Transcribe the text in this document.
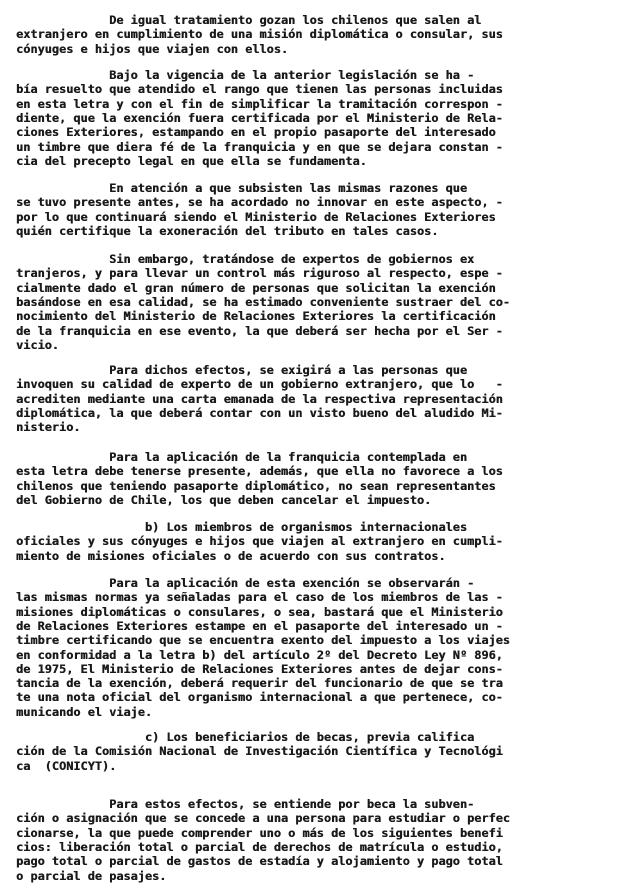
De igual tratamiento gozan los chilenos que salen al

extranjero en cumplimiento de una misión diplomática o consular, sus

cónyuges e hijos que viajen con ellos.

Bajo la vigencia de la anterior legislación se ha -

bía resuelto que atendido el rango que tienen las personas incluidas

en esta letra y con el fin de simplificar la tramitación correspon -

diente, que la exención fuera certificada por el Ministerio de Rela-

ciones Exteriores, estampando en el propio pasaporte del interesado

un timbre que diera fé de la franquicia y en que se dejara constan -

cia del precepto legal en que ella se fundamenta.

En atención a que subsisten las mismas razones que

se tuvo presente antes, se ha acordado no innovar en este aspecto, -

por lo que continuará siendo el Ministerio de Relaciones Exteriores

quién certifique la exoneración del tributo en tales casos.

Sin embargo, tratándose de expertos de gobiernos ex

tranjeros, y para llevar un control más riguroso al respecto, espe -

cialmente dado el gran número de personas que solicitan la exención

basándose en esa calidad, se ha estimado conveniente sustraer del co-

nocimiento del Ministerio de Relaciones Exteriores la certificación

de la franquicia en ese evento, la que deberá ser hecha por el Ser -

vicio.

Para dichos efectos, se exigirá a las personas que

invoquen su calidad de experto de un gobierno extranjero, que lo   -

acrediten mediante una carta emanada de la respectiva representación

diplomática, la que deberá contar con un visto bueno del aludido Mi-

nisterio.

Para la aplicación de la franquicia contemplada en

esta letra debe tenerse presente, además, que ella no favorece a los

chilenos que teniendo pasaporte diplomático, no sean representantes

del Gobierno de Chile, los que deben cancelar el impuesto.

b) Los miembros de organismos internacionales

oficiales y sus cónyuges e hijos que viajen al extranjero en cumpli-

miento de misiones oficiales o de acuerdo con sus contratos.

Para la aplicación de esta exención se observarán -

las mismas normas ya señaladas para el caso de los miembros de las -

misiones diplomáticas o consulares, o sea, bastará que el Ministerio

de Relaciones Exteriores estampe en el pasaporte del interesado un -

timbre certificando que se encuentra exento del impuesto a los viajes

en conformidad a la letra b) del artículo 2º del Decreto Ley Nº 896,

de 1975, El Ministerio de Relaciones Exteriores antes de dejar cons-

tancia de la exención, deberá requerir del funcionario de que se tra

te una nota oficial del organismo internacional a que pertenece, co-

municando el viaje.

c) Los beneficiarios de becas, previa califica

ción de la Comisión Nacional de Investigación Científica y Tecnológi

ca  (CONICYT).

Para estos efectos, se entiende por beca la subven-

ción o asignación que se concede a una persona para estudiar o perfec

cionarse, la que puede comprender uno o más de los siguientes benefi

cios: liberación total o parcial de derechos de matrícula o estudio,

pago total o parcial de gastos de estadía y alojamiento y pago total

o parcial de pasajes.
